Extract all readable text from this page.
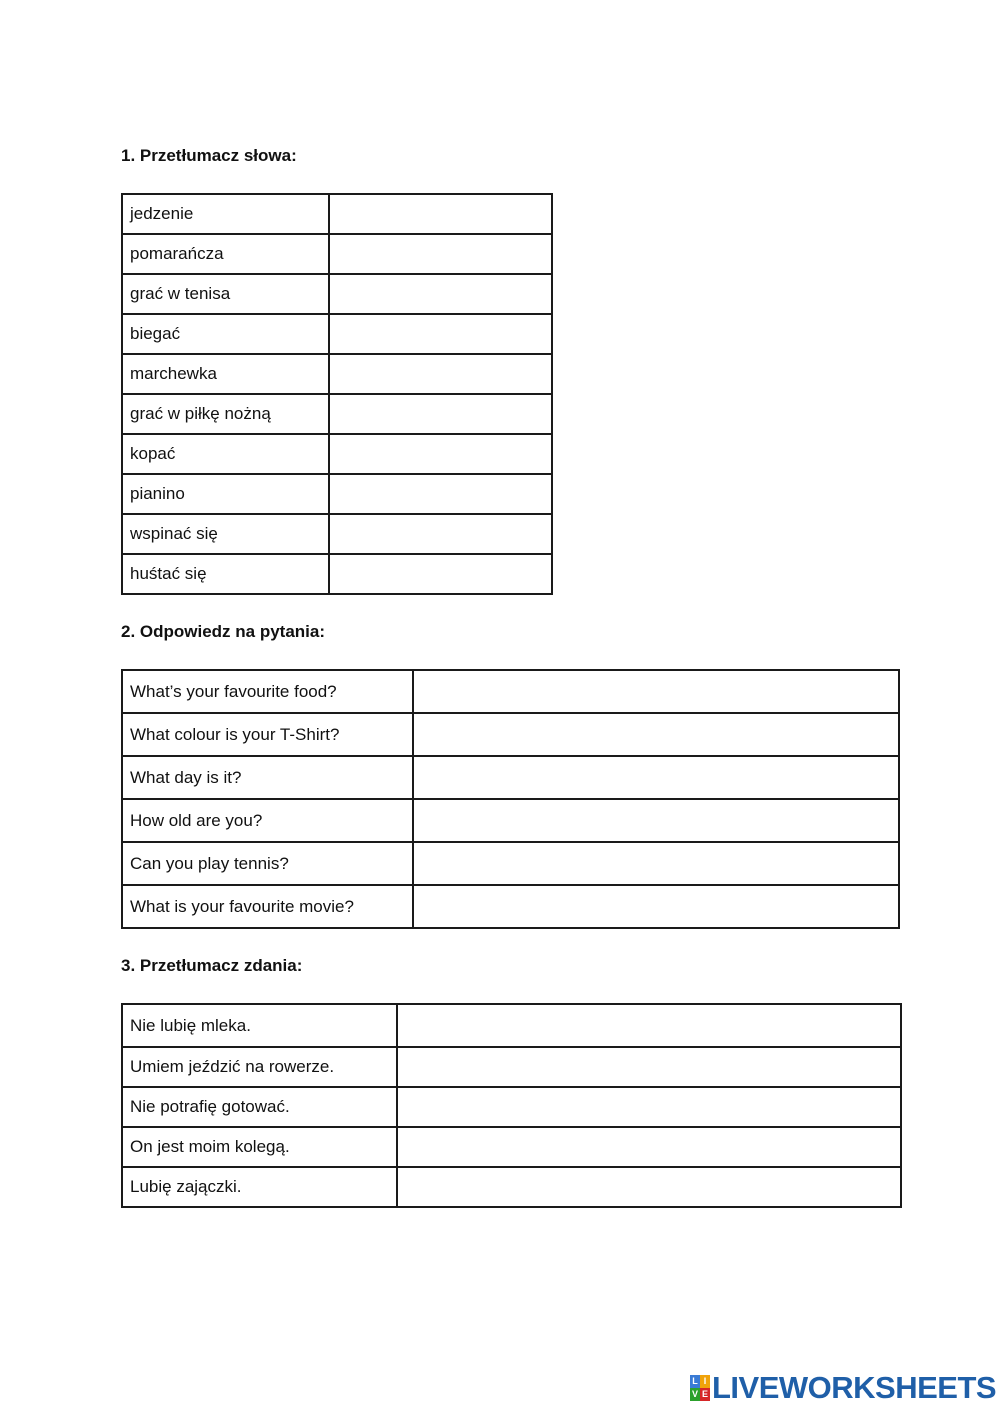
1. Przetłumacz słowa:
jedzenie	
pomarańcza	
grać w tenisa	
biegać	
marchewka	
grać w piłkę nożną	
kopać	
pianino	
wspinać się	
huśtać się	
2. Odpowiedz na pytania:
What’s your favourite food?	
What colour is your T-Shirt?	
What day is it?	
How old are you?	
Can you play tennis?	
What is your favourite movie?	
3. Przetłumacz zdania:
Nie lubię mleka.	
Umiem jeździć na rowerze.	
Nie potrafię gotować.	
On jest moim kolegą.	
Lubię zajączki.	
L I
V E LIVEWORKSHEETS
